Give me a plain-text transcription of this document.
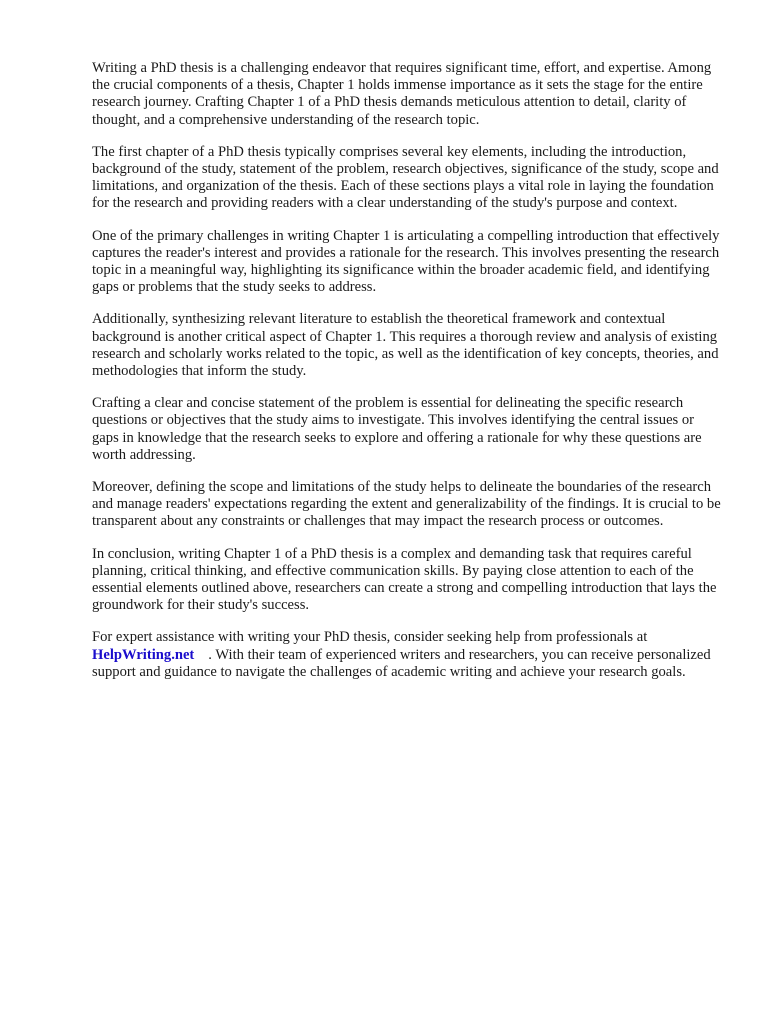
Writing a PhD thesis is a challenging endeavor that requires significant time, effort, and expertise. Among the crucial components of a thesis, Chapter 1 holds immense importance as it sets the stage for the entire research journey. Crafting Chapter 1 of a PhD thesis demands meticulous attention to detail, clarity of thought, and a comprehensive understanding of the research topic.

The first chapter of a PhD thesis typically comprises several key elements, including the introduction, background of the study, statement of the problem, research objectives, significance of the study, scope and limitations, and organization of the thesis. Each of these sections plays a vital role in laying the foundation for the research and providing readers with a clear understanding of the study's purpose and context.

One of the primary challenges in writing Chapter 1 is articulating a compelling introduction that effectively captures the reader's interest and provides a rationale for the research. This involves presenting the research topic in a meaningful way, highlighting its significance within the broader academic field, and identifying gaps or problems that the study seeks to address.

Additionally, synthesizing relevant literature to establish the theoretical framework and contextual background is another critical aspect of Chapter 1. This requires a thorough review and analysis of existing research and scholarly works related to the topic, as well as the identification of key concepts, theories, and methodologies that inform the study.

Crafting a clear and concise statement of the problem is essential for delineating the specific research questions or objectives that the study aims to investigate. This involves identifying the central issues or gaps in knowledge that the research seeks to explore and offering a rationale for why these questions are worth addressing.

Moreover, defining the scope and limitations of the study helps to delineate the boundaries of the research and manage readers' expectations regarding the extent and generalizability of the findings. It is crucial to be transparent about any constraints or challenges that may impact the research process or outcomes.

In conclusion, writing Chapter 1 of a PhD thesis is a complex and demanding task that requires careful planning, critical thinking, and effective communication skills. By paying close attention to each of the essential elements outlined above, researchers can create a strong and compelling introduction that lays the groundwork for their study's success.

For expert assistance with writing your PhD thesis, consider seeking help from professionals at
HelpWriting.net . With their team of experienced writers and researchers, you can receive personalized support and guidance to navigate the challenges of academic writing and achieve your research goals.
